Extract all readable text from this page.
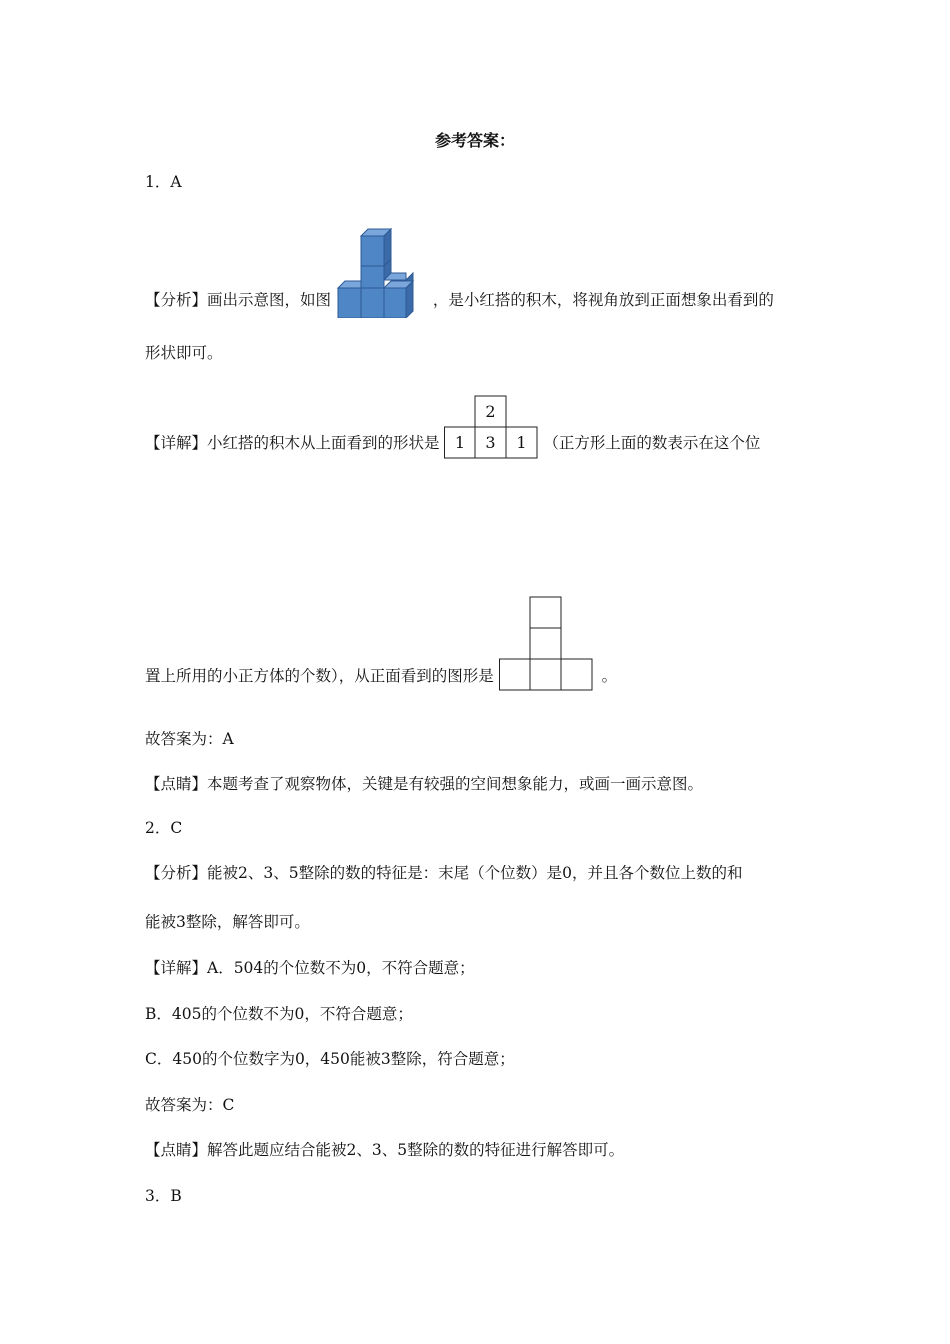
参考答案：
1．A
【分析】画出示意图，如图	，是小红搭的积木，将视角放到正面想象出看到的
形状即可。
【详解】小红搭的积木从上面看到的形状是
2
1 3 1 （正方形上面的数表示在这个位
置上所用的小正方体的个数），从正面看到的图形是	。
故答案为：A
【点睛】本题考查了观察物体，关键是有较强的空间想象能力，或画一画示意图。
2．C
【分析】能被2、3、5整除的数的特征是：末尾（个位数）是0，并且各个数位上数的和
能被3整除，解答即可。
【详解】A．504的个位数不为0，不符合题意；
B．405的个位数不为0，不符合题意；
C．450的个位数字为0，450能被3整除，符合题意；
故答案为：C
【点睛】解答此题应结合能被2、3、5整除的数的特征进行解答即可。
3．B
